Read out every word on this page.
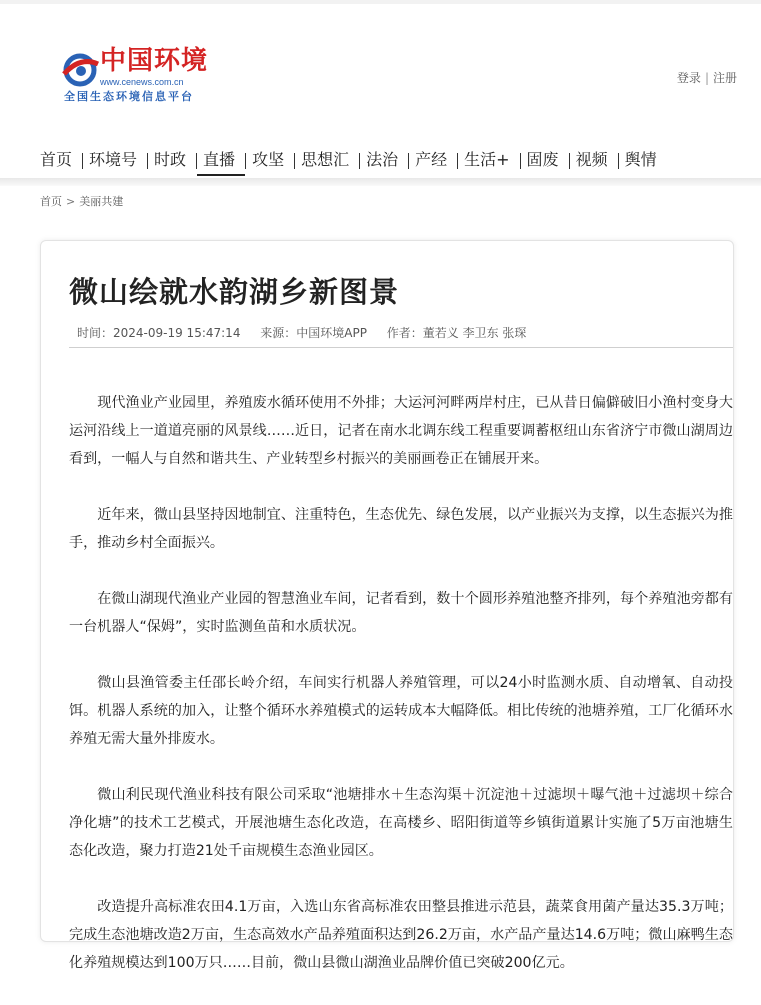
中国环境
www.cenews.com.cn
全国生态环境信息平台
登录 | 注册
首页	环境号	时政	直播	攻坚	思想汇	法治	产经	生活+	固废	视频	舆情
首页 > 美丽共建
微山绘就水韵湖乡新图景
时间：2024-09-19 15:47:14 来源：中国环境APP 作者：董若义 李卫东 张琛

现代渔业产业园里，养殖废水循环使用不外排；大运河河畔两岸村庄，已从昔日偏僻破旧小渔村变身大运河沿线上一道道亮丽的风景线……近日，记者在南水北调东线工程重要调蓄枢纽山东省济宁市微山湖周边看到，一幅人与自然和谐共生、产业转型乡村振兴的美丽画卷正在铺展开来。

近年来，微山县坚持因地制宜、注重特色，生态优先、绿色发展，以产业振兴为支撑，以生态振兴为推手，推动乡村全面振兴。

在微山湖现代渔业产业园的智慧渔业车间，记者看到，数十个圆形养殖池整齐排列，每个养殖池旁都有一台机器人“保姆”，实时监测鱼苗和水质状况。

微山县渔管委主任邵长岭介绍，车间实行机器人养殖管理，可以24小时监测水质、自动增氧、自动投饵。机器人系统的加入，让整个循环水养殖模式的运转成本大幅降低。相比传统的池塘养殖，工厂化循环水养殖无需大量外排废水。

微山利民现代渔业科技有限公司采取“池塘排水＋生态沟渠＋沉淀池＋过滤坝＋曝气池＋过滤坝＋综合净化塘”的技术工艺模式，开展池塘生态化改造，在高楼乡、昭阳街道等乡镇街道累计实施了5万亩池塘生态化改造，聚力打造21处千亩规模生态渔业园区。

改造提升高标准农田4.1万亩，入选山东省高标准农田整县推进示范县，蔬菜食用菌产量达35.3万吨；完成生态池塘改造2万亩，生态高效水产品养殖面积达到26.2万亩，水产品产量达14.6万吨；微山麻鸭生态化养殖规模达到100万只……目前，微山县微山湖渔业品牌价值已突破200亿元。
